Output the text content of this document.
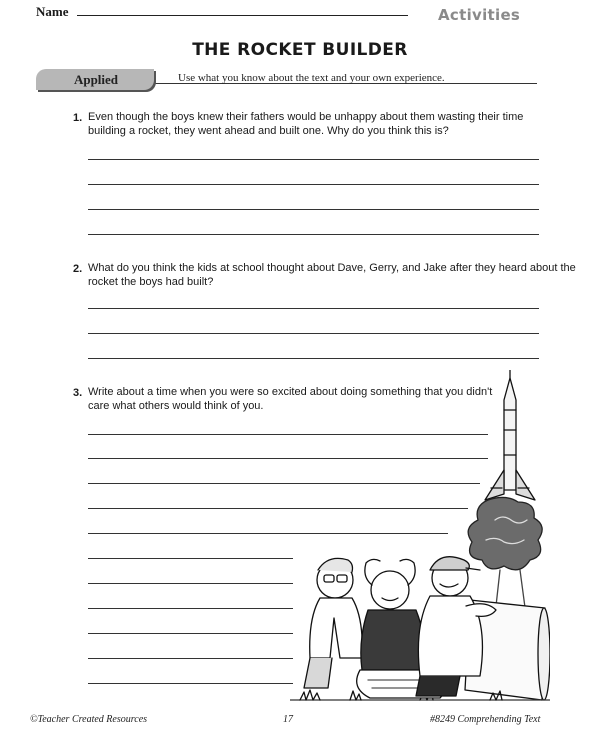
Name	Activities
THE ROCKET BUILDER
Applied	Use what you know about the text and your own experience.
1. Even though the boys knew their fathers would be unhappy about them wasting their time
building a rocket, they went ahead and built one. Why do you think this is?
2. What do you think the kids at school thought about Dave, Gerry, and Jake after they heard about the
rocket the boys had built?
3. Write about a time when you were so excited about doing something that you didn't
care what others would think of you.
©Teacher Created Resources	17	#8249 Comprehending Text
